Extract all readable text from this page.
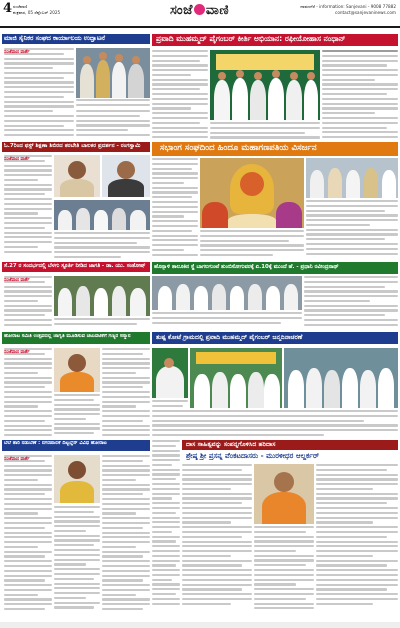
4 ಸಂಜೆವಾಣಿ
ಶುಕ್ರವಾರ, 05 ಸೆಪ್ಟೆಂಬರ್ 2025	ಸಂಜೆ ವಾಣಿ	ದಾವಣಗೆರೆ - information: Sanjevani - 9008 77882
contact@sanjevaninews.com
ಮಾಜಿ ಸೈನಿಕರ ಸಂಘದ ಕಾರ್ಯಾಲಯ ಉದ್ಘಾಟನೆ	ಪ್ರವಾದಿ ಮುಹಮ್ಮದ್ ಪೈಗಂಬರ್ ಕೀರ್ತಿ ಅಭಿಯಾನ: ರಫೀಯೋಹಾಸ ನಂಧಾನ್
ಸಂಜೆವಾಣಿ ವಾರ್ತೆ
ಓ.7ರಿಂದ ಫಸ್ಟ್ ಶಿಕ್ಷಣಾ ಶಿಬಿರದ ತರಬೇತಿ ಬಾಲಕರ ಪ್ರದರ್ಶನ - ರಂಗಸ್ವಾಮಿ	ಸಭಾಂಗ ಸಂಘದಿಂದ ಹಿಂದೂ ಮಹಾಗಣಪತಿಯ ವಿಸರ್ಜನ
ಸಂಜೆವಾಣಿ ವಾರ್ತೆ
ಹೊನ್ನಾಳಿ ತಾಲೂಕಿನ ಸ್ಥೆ ಬಾಗಲಗುಂಟೆ ತುಂಬಿಸೋಗುವರಕ್ಕೆ ಏ.10ಕ್ಕೆ ಮುಂದೆ ಹೆ. - ಪ್ರಧಾನಿ ರವೀಂದ್ರನಾಥ್
ಸೆ.27 ರ ಸಂದರ್ಭದಲ್ಲಿ ಬೆಳಗು ಸ್ಫೂರ್ತಿ ನೀಡಿದ ಜಾಗತಿ - ಡಾ. ಯು. ಸಂತೋಷ್
ಸಂಜೆವಾಣಿ ವಾರ್ತೆ
ಹೋರಾಟ ಸಮಿತಿ ಉತ್ಸವದಲ್ಲಿ ಜಾಗೃತಿ ಮೂಡಿಸುವ ಚಟುವಟಿಕೆಗೆ ಗಣ್ಯರ ಸನ್ಮಾನ	ತುಷ್ಟ ಕೋಟೆ ಗ್ರಾಮದಲ್ಲಿ ಪ್ರವಾದಿ ಮುಹಮ್ಮದ್ ಪೈಗಂಬರ್ ಜನ್ಮದಿನಾಚರಣೆ
ಸಂಜೆವಾಣಿ ವಾರ್ತೆ
ಬೆಲೆ ತಾರಿ ನಡುಬೆಣೆ : ನಗರಪಾಲಿಕೆ ದಿಟ್ಟಲ್ಲೆನ್ ವಿವಿಧ ಹೋರಾಟ	ದಾಸ ಸಾಹಿತ್ಯವನ್ನು ಸಂಪನ್ನಗೊಳಿಸಿದ ಹರಿದಾಸ
ಶ್ರೇಷ್ಠ ಶ್ರೀ ಪ್ರಸನ್ನ ವೆಂಕಟದಾಸರು - ಮುರಳೀಧರ ಆಲ್ದರ್ಕರ್
ಸಂಜೆವಾಣಿ ವಾರ್ತೆ
